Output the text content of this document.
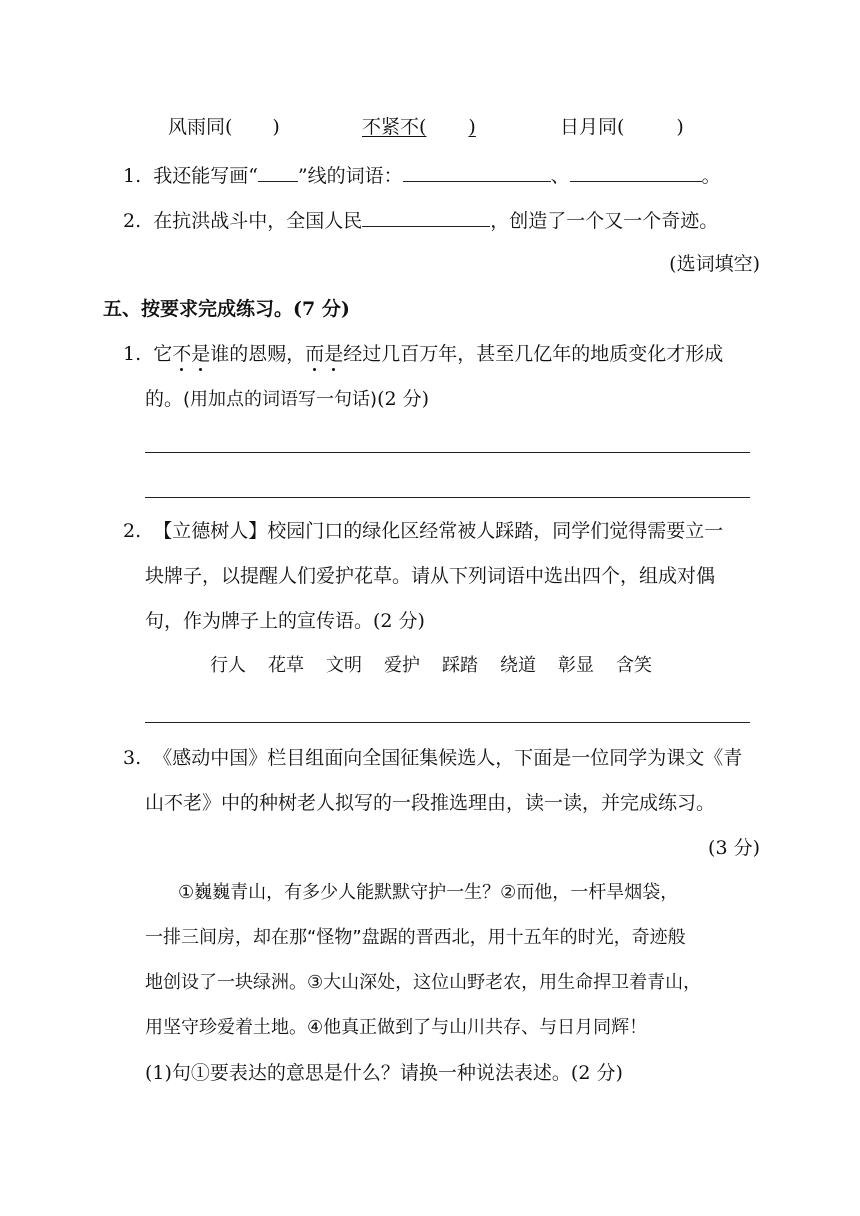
风雨同( )	不紧不( )	日月同(	)
1. 我还能写画“ ”线的词语：	、	。
2. 在抗洪战斗中，全国人民	，创造了一个又一个奇迹。
(选词填空)
五、按要求完成练习。(7 分)
1. 它不是谁的恩赐，而是经过几百万年，甚至几亿年的地质变化才形成
的。(用加点的词语写一句话)(2 分)
2. 【立德树人】校园门口的绿化区经常被人踩踏，同学们觉得需要立一
块牌子，以提醒人们爱护花草。请从下列词语中选出四个，组成对偶
句，作为牌子上的宣传语。(2 分)
行人 花草 文明 爱护 踩踏 绕道 彰显 含笑
3. 《感动中国》栏目组面向全国征集候选人，下面是一位同学为课文《青
山不老》中的种树老人拟写的一段推选理由，读一读，并完成练习。
(3 分)
①巍巍青山，有多少人能默默守护一生？②而他，一杆旱烟袋，
一排三间房，却在那“怪物”盘踞的晋西北，用十五年的时光，奇迹般
地创设了一块绿洲。③大山深处，这位山野老农，用生命捍卫着青山，
用坚守珍爱着土地。④他真正做到了与山川共存、与日月同辉！
(1)句①要表达的意思是什么？请换一种说法表述。(2 分)
